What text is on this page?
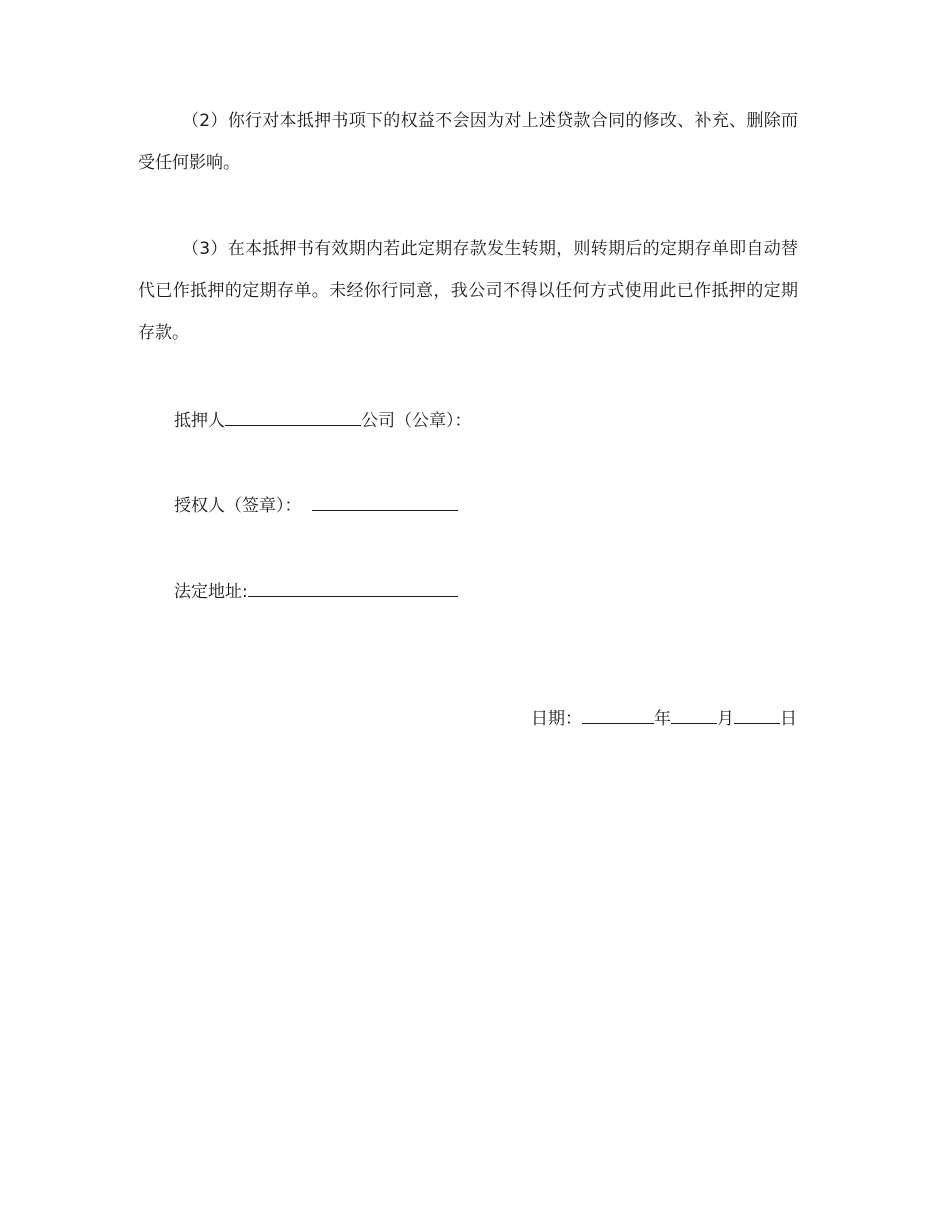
（2）你行对本抵押书项下的权益不会因为对上述贷款合同的修改、补充、删除而受任何影响。

（3）在本抵押书有效期内若此定期存款发生转期，则转期后的定期存单即自动替代已作抵押的定期存单。未经你行同意，我公司不得以任何方式使用此已作抵押的定期存款。

抵押人	公司（公章）：
授权人（签章）：
法定地址:
日期：	年	月	日
